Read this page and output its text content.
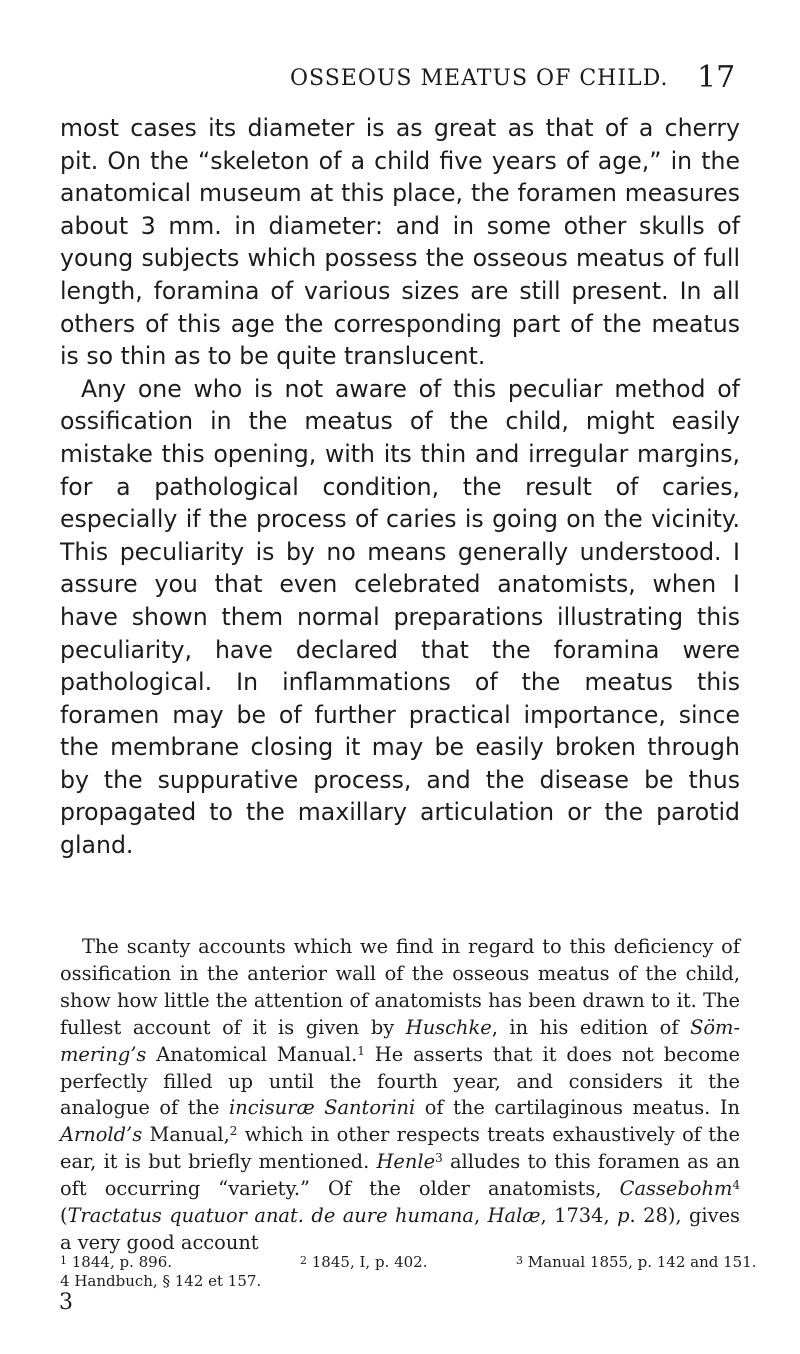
OSSEOUS MEATUS OF CHILD. 17

most cases its diameter is as great as that of a cherry pit. On the “skeleton of a child five years of age,” in the anatomical museum at this place, the foramen measures about 3 mm. in diameter: and in some other skulls of young subjects which possess the osseous meatus of full length, foramina of various sizes are still present. In all others of this age the corresponding part of the meatus is so thin as to be quite translucent.

Any one who is not aware of this peculiar method of ossification in the meatus of the child, might easily mistake this opening, with its thin and irregular margins, for a pathological condition, the result of caries, especially if the process of caries is going on the vicinity. This peculiarity is by no means generally understood. I assure you that even celebrated anatomists, when I have shown them normal preparations illustrating this peculiarity, have declared that the foramina were pathological. In inflammations of the meatus this foramen may be of further practical importance, since the membrane closing it may be easily broken through by the suppurative process, and the disease be thus propagated to the maxillary articulation or the parotid gland.

The scanty accounts which we find in regard to this deficiency of ossification in the anterior wall of the osseous meatus of the child, show how little the attention of anatomists has been drawn to it. The fullest account of it is given by Huschke, in his edition of Sömmering’s Anatomical Manual.$^1$ He asserts that it does not become perfectly filled up until the fourth year, and considers it the analogue of the incisuræ Santorini of the cartilaginous meatus. In Arnold’s Manual,$^2$ which in other respects treats exhaustively of the ear, it is but briefly mentioned. Henle$^3$ alludes to this foramen as an oft occurring “variety.” Of the older anatomists, Cassebohm$^4$ (Tractatus quatuor anat. de aure humana, Halæ, 1734, p. 28), gives a very good account

$^1$ 1844, p. 896.	$^2$ 1845, I, p. 402.	$^3$ Manual 1855, p. 142 and 151.
4 Handbuch, § 142 et 157.
3
